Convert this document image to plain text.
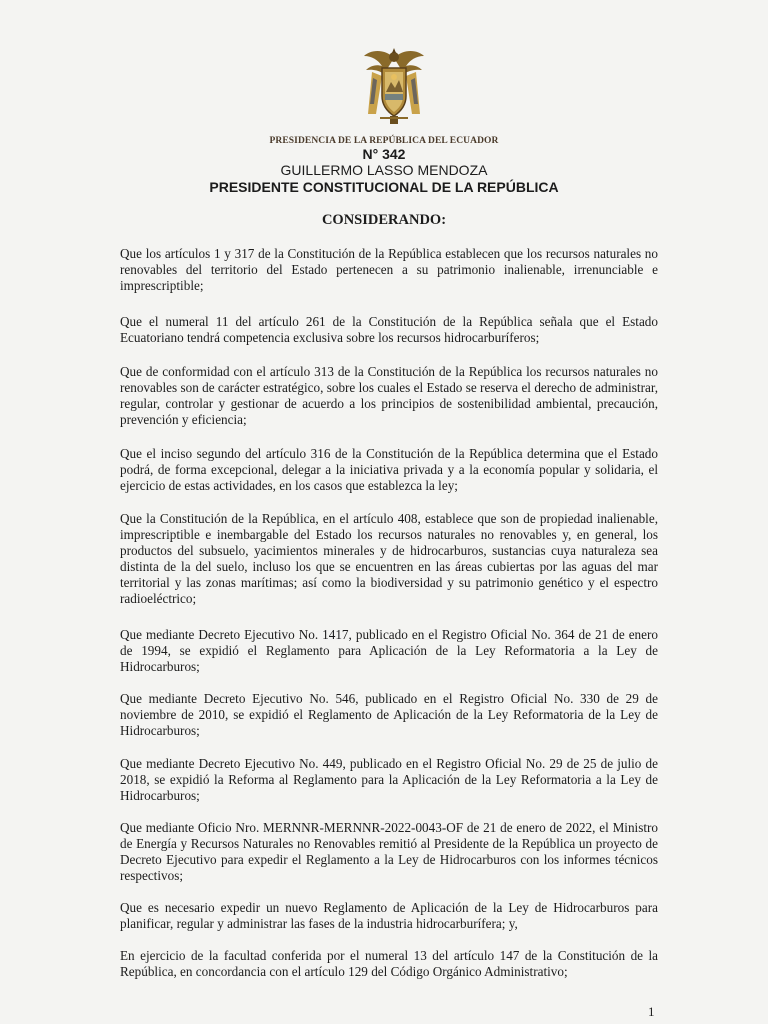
PRESIDENCIA DE LA REPÚBLICA DEL ECUADOR
N° 342
GUILLERMO LASSO MENDOZA
PRESIDENTE CONSTITUCIONAL DE LA REPÚBLICA
CONSIDERANDO:

Que los artículos 1 y 317 de la Constitución de la República establecen que los recursos naturales no renovables del territorio del Estado pertenecen a su patrimonio inalienable, irrenunciable e imprescriptible;

Que el numeral 11 del artículo 261 de la Constitución de la República señala que el Estado Ecuatoriano tendrá competencia exclusiva sobre los recursos hidrocarburíferos;

Que de conformidad con el artículo 313 de la Constitución de la República los recursos naturales no renovables son de carácter estratégico, sobre los cuales el Estado se reserva el derecho de administrar, regular, controlar y gestionar de acuerdo a los principios de sostenibilidad ambiental, precaución, prevención y eficiencia;

Que el inciso segundo del artículo 316 de la Constitución de la República determina que el Estado podrá, de forma excepcional, delegar a la iniciativa privada y a la economía popular y solidaria, el ejercicio de estas actividades, en los casos que establezca la ley;

Que la Constitución de la República, en el artículo 408, establece que son de propiedad inalienable, imprescriptible e inembargable del Estado los recursos naturales no renovables y, en general, los productos del subsuelo, yacimientos minerales y de hidrocarburos, sustancias cuya naturaleza sea distinta de la del suelo, incluso los que se encuentren en las áreas cubiertas por las aguas del mar territorial y las zonas marítimas; así como la biodiversidad y su patrimonio genético y el espectro radioeléctrico;

Que mediante Decreto Ejecutivo No. 1417, publicado en el Registro Oficial No. 364 de 21 de enero de 1994, se expidió el Reglamento para Aplicación de la Ley Reformatoria a la Ley de Hidrocarburos;

Que mediante Decreto Ejecutivo No. 546, publicado en el Registro Oficial No. 330 de 29 de noviembre de 2010, se expidió el Reglamento de Aplicación de la Ley Reformatoria de la Ley de Hidrocarburos;

Que mediante Decreto Ejecutivo No. 449, publicado en el Registro Oficial No. 29 de 25 de julio de 2018, se expidió la Reforma al Reglamento para la Aplicación de la Ley Reformatoria a la Ley de Hidrocarburos;

Que mediante Oficio Nro. MERNNR-MERNNR-2022-0043-OF de 21 de enero de 2022, el Ministro de Energía y Recursos Naturales no Renovables remitió al Presidente de la República un proyecto de Decreto Ejecutivo para expedir el Reglamento a la Ley de Hidrocarburos con los informes técnicos respectivos;

Que es necesario expedir un nuevo Reglamento de Aplicación de la Ley de Hidrocarburos para planificar, regular y administrar las fases de la industria hidrocarburífera; y,

En ejercicio de la facultad conferida por el numeral 13 del artículo 147 de la Constitución de la República, en concordancia con el artículo 129 del Código Orgánico Administrativo;

1
